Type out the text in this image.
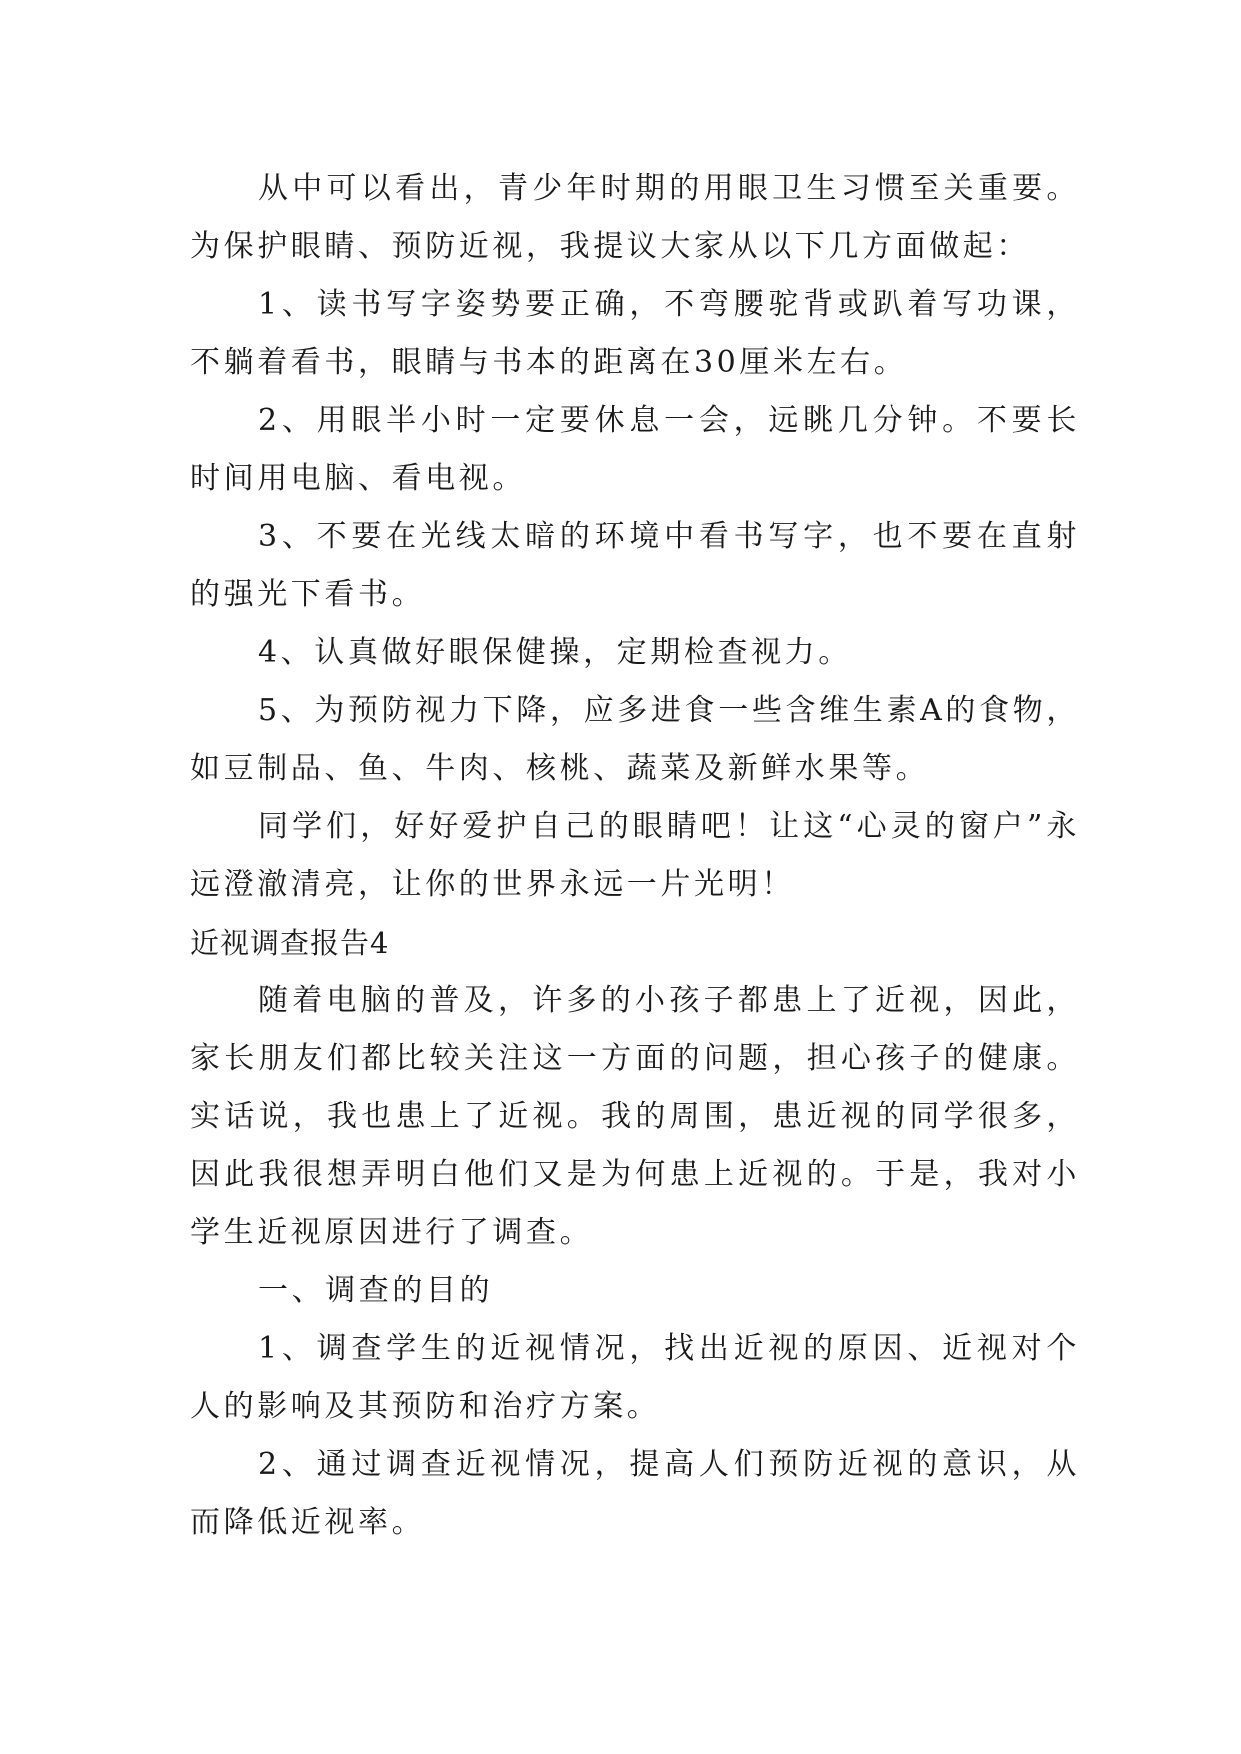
从中可以看出，青少年时期的用眼卫生习惯至关重要。为保护眼睛、预防近视，我提议大家从以下几方面做起：

1、读书写字姿势要正确，不弯腰驼背或趴着写功课，不躺着看书，眼睛与书本的距离在30厘米左右。

2、用眼半小时一定要休息一会，远眺几分钟。不要长时间用电脑、看电视。

3、不要在光线太暗的环境中看书写字，也不要在直射的强光下看书。

4、认真做好眼保健操，定期检查视力。

5、为预防视力下降，应多进食一些含维生素A的食物，如豆制品、鱼、牛肉、核桃、蔬菜及新鲜水果等。

同学们，好好爱护自己的眼睛吧！让这“心灵的窗户”永远澄澈清亮，让你的世界永远一片光明！

近视调查报告4

随着电脑的普及，许多的小孩子都患上了近视，因此，家长朋友们都比较关注这一方面的问题，担心孩子的健康。实话说，我也患上了近视。我的周围，患近视的同学很多，因此我很想弄明白他们又是为何患上近视的。于是，我对小学生近视原因进行了调查。

一、调查的目的

1、调查学生的近视情况，找出近视的原因、近视对个人的影响及其预防和治疗方案。

2、通过调查近视情况，提高人们预防近视的意识，从而降低近视率。
